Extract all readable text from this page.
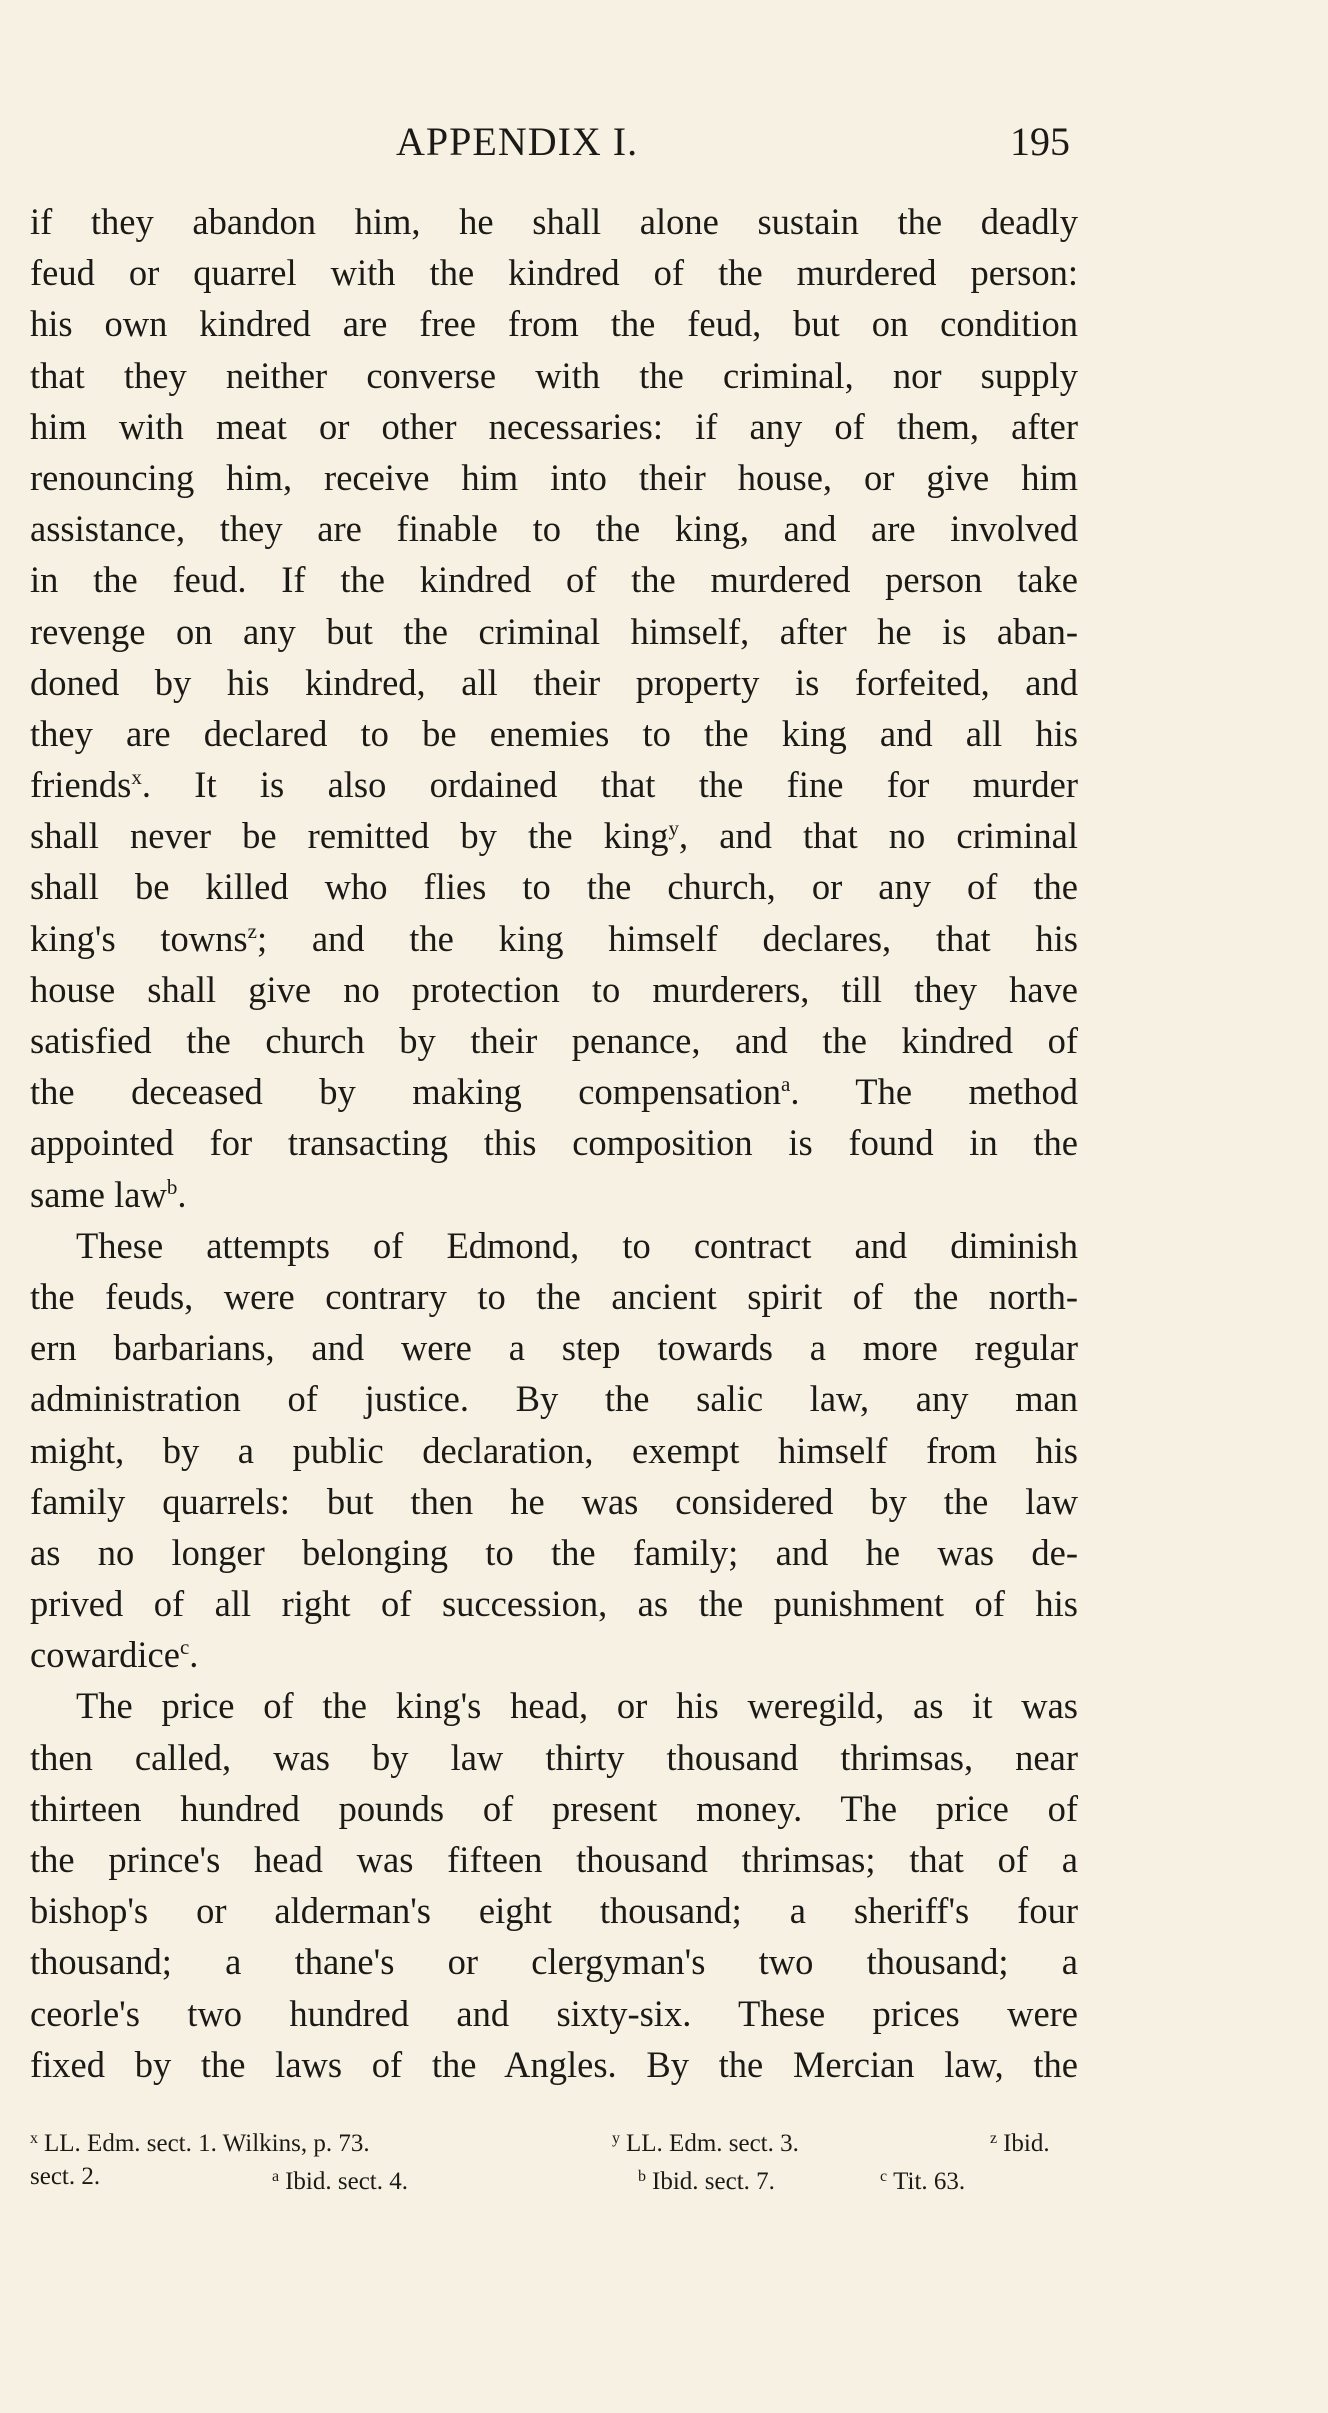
APPENDIX I.	195
if they abandon him, he shall alone sustain the deadly
feud or quarrel with the kindred of the murdered person:
his own kindred are free from the feud, but on condition
that they neither converse with the criminal, nor supply
him with meat or other necessaries: if any of them, after
renouncing him, receive him into their house, or give him
assistance, they are finable to the king, and are involved
in the feud. If the kindred of the murdered person take
revenge on any but the criminal himself, after he is aban-
doned by his kindred, all their property is forfeited, and
they are declared to be enemies to the king and all his
friends$^x$. It is also ordained that the fine for murder
shall never be remitted by the king$^y$, and that no criminal
shall be killed who flies to the church, or any of the
king's towns$^z$; and the king himself declares, that his
house shall give no protection to murderers, till they have
satisfied the church by their penance, and the kindred of
the deceased by making compensation$^a$. The method
appointed for transacting this composition is found in the
same law$^b$.
These attempts of Edmond, to contract and diminish
the feuds, were contrary to the ancient spirit of the north-
ern barbarians, and were a step towards a more regular
administration of justice. By the salic law, any man
might, by a public declaration, exempt himself from his
family quarrels: but then he was considered by the law
as no longer belonging to the family; and he was de-
prived of all right of succession, as the punishment of his
cowardice$^c$.
The price of the king's head, or his weregild, as it was
then called, was by law thirty thousand thrimsas, near
thirteen hundred pounds of present money. The price of
the prince's head was fifteen thousand thrimsas; that of a
bishop's or alderman's eight thousand; a sheriff's four
thousand; a thane's or clergyman's two thousand; a
ceorle's two hundred and sixty-six. These prices were
fixed by the laws of the Angles. By the Mercian law, the
$^x$ LL. Edm. sect. 1. Wilkins, p. 73.	$^y$ LL. Edm. sect. 3.	$^z$ Ibid.
sect. 2.	$^a$ Ibid. sect. 4.	$^b$ Ibid. sect. 7.	$^c$ Tit. 63.
